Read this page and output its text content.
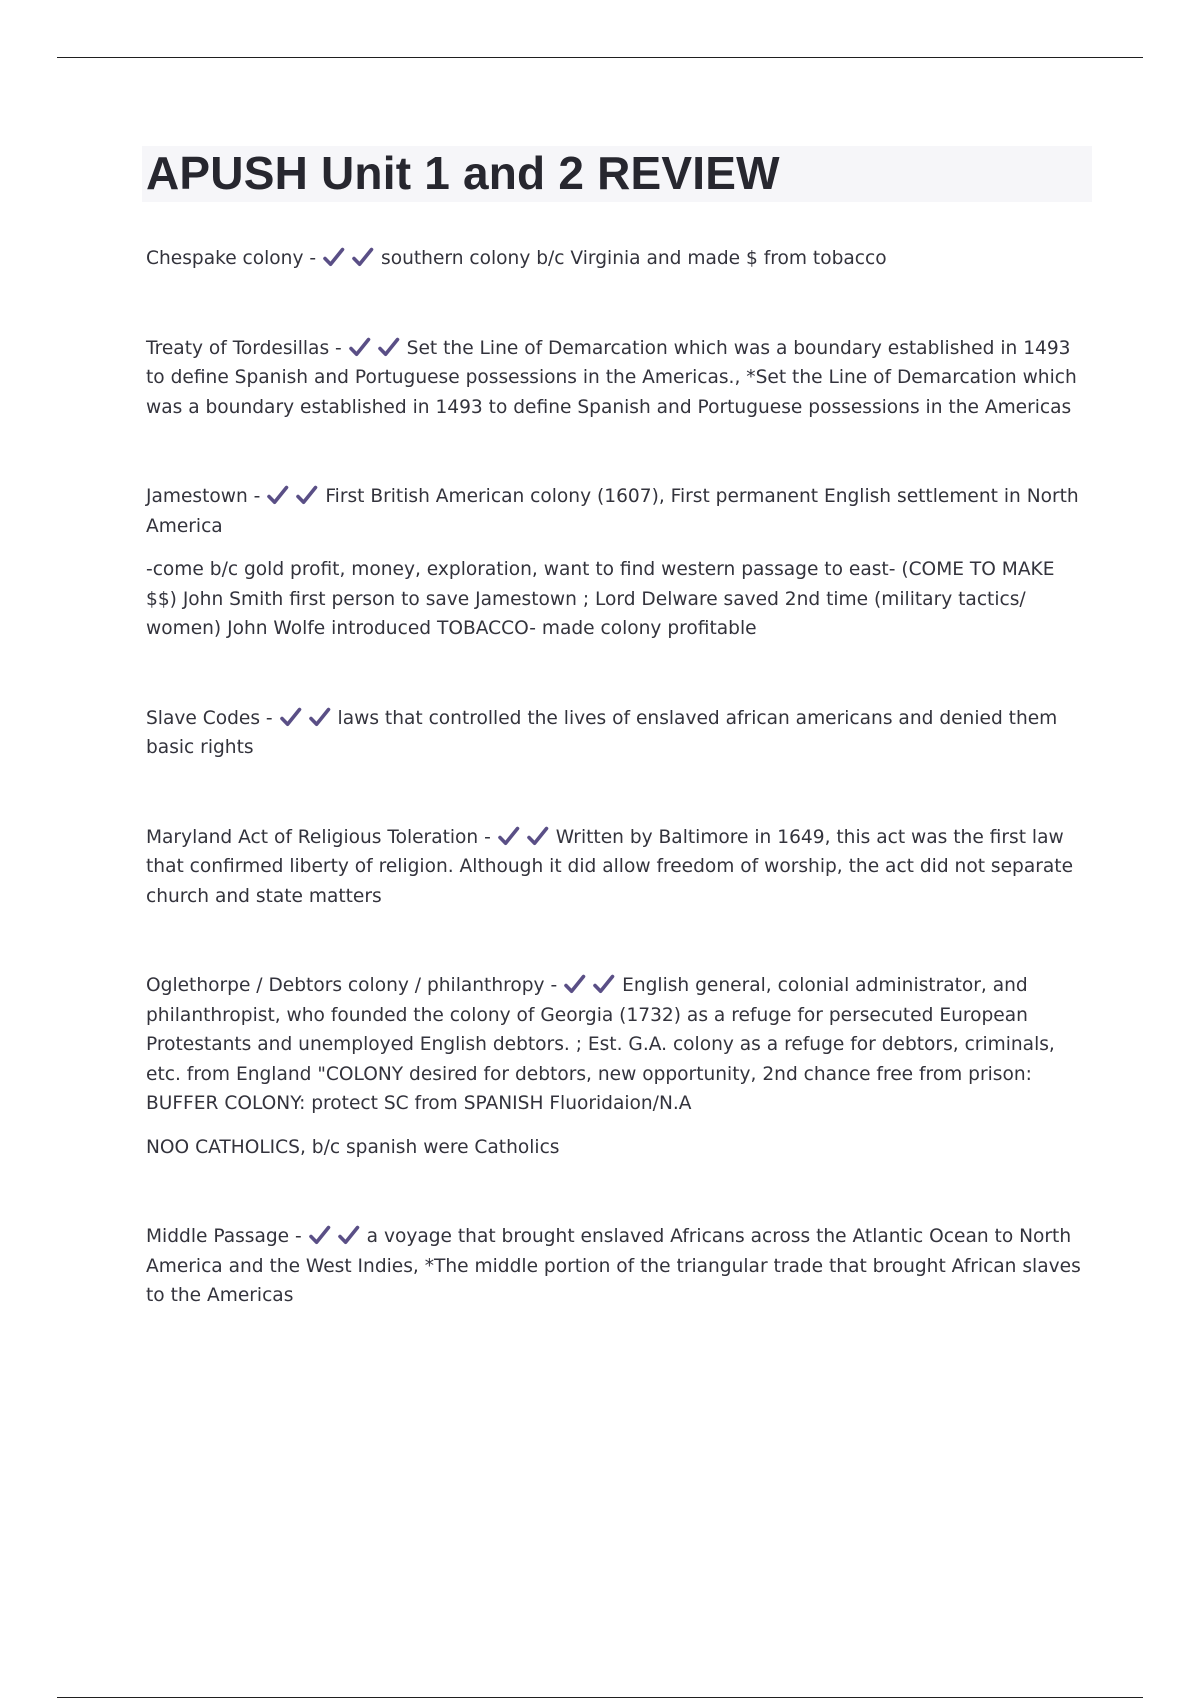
APUSH Unit 1 and 2 REVIEW

Chespake colony -	southern colony b/c Virginia and made $ from tobacco

Treaty of Tordesillas -	Set the Line of Demarcation which was a boundary established in 1493 to define Spanish and Portuguese possessions in the Americas., *Set the Line of Demarcation which was a boundary established in 1493 to define Spanish and Portuguese possessions in the Americas

Jamestown -	First British American colony (1607), First permanent English settlement in North America

-come b/c gold profit, money, exploration, want to find western passage to east- (COME TO MAKE $$) John Smith first person to save Jamestown ; Lord Delware saved 2nd time (military tactics/ women) John Wolfe introduced TOBACCO- made colony profitable

Slave Codes -	laws that controlled the lives of enslaved african americans and denied them basic rights

Maryland Act of Religious Toleration -	Written by Baltimore in 1649, this act was the first law that confirmed liberty of religion. Although it did allow freedom of worship, the act did not separate church and state matters

Oglethorpe / Debtors colony / philanthropy -	English general, colonial administrator, and philanthropist, who founded the colony of Georgia (1732) as a refuge for persecuted European Protestants and unemployed English debtors. ; Est. G.A. colony as a refuge for debtors, criminals, etc. from England "COLONY desired for debtors, new opportunity, 2nd chance free from prison: BUFFER COLONY: protect SC from SPANISH Fluoridaion/N.A

NOO CATHOLICS, b/c spanish were Catholics

Middle Passage -	a voyage that brought enslaved Africans across the Atlantic Ocean to North America and the West Indies, *The middle portion of the triangular trade that brought African slaves to the Americas
